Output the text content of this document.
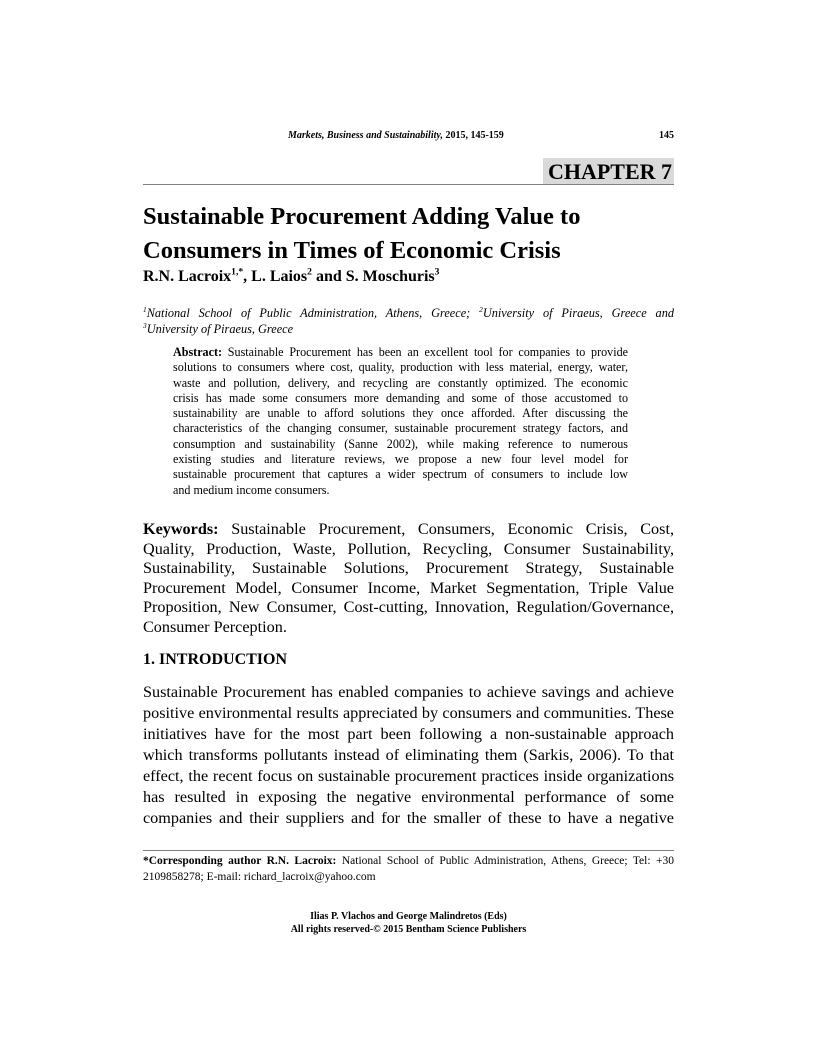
Markets, Business and Sustainability, 2015, 145-159	145
CHAPTER 7
Sustainable Procurement Adding Value to
Consumers in Times of Economic Crisis
R.N. Lacroix$^{1,*}$, L. Laios$^2$ and S. Moschuris$^3$
$^1$National School of Public Administration, Athens, Greece; $^2$University of Piraeus, Greece and
$^3$University of Piraeus, Greece
Abstract: Sustainable Procurement has been an excellent tool for companies to provide
solutions to consumers where cost, quality, production with less material, energy, water,
waste and pollution, delivery, and recycling are constantly optimized. The economic
crisis has made some consumers more demanding and some of those accustomed to
sustainability are unable to afford solutions they once afforded. After discussing the
characteristics of the changing consumer, sustainable procurement strategy factors, and
consumption and sustainability (Sanne 2002), while making reference to numerous
existing studies and literature reviews, we propose a new four level model for
sustainable procurement that captures a wider spectrum of consumers to include low
and medium income consumers.
Keywords: Sustainable Procurement, Consumers, Economic Crisis, Cost,
Quality, Production, Waste, Pollution, Recycling, Consumer Sustainability,
Sustainability, Sustainable Solutions, Procurement Strategy, Sustainable
Procurement Model, Consumer Income, Market Segmentation, Triple Value
Proposition, New Consumer, Cost-cutting, Innovation, Regulation/Governance,
Consumer Perception.
1. INTRODUCTION
Sustainable Procurement has enabled companies to achieve savings and achieve
positive environmental results appreciated by consumers and communities. These
initiatives have for the most part been following a non-sustainable approach
which transforms pollutants instead of eliminating them (Sarkis, 2006). To that
effect, the recent focus on sustainable procurement practices inside organizations
has resulted in exposing the negative environmental performance of some
companies and their suppliers and for the smaller of these to have a negative
*Corresponding author R.N. Lacroix: National School of Public Administration, Athens, Greece; Tel: +30
2109858278; E-mail: richard_lacroix@yahoo.com
Ilias P. Vlachos and George Malindretos (Eds)
All rights reserved-© 2015 Bentham Science Publishers
